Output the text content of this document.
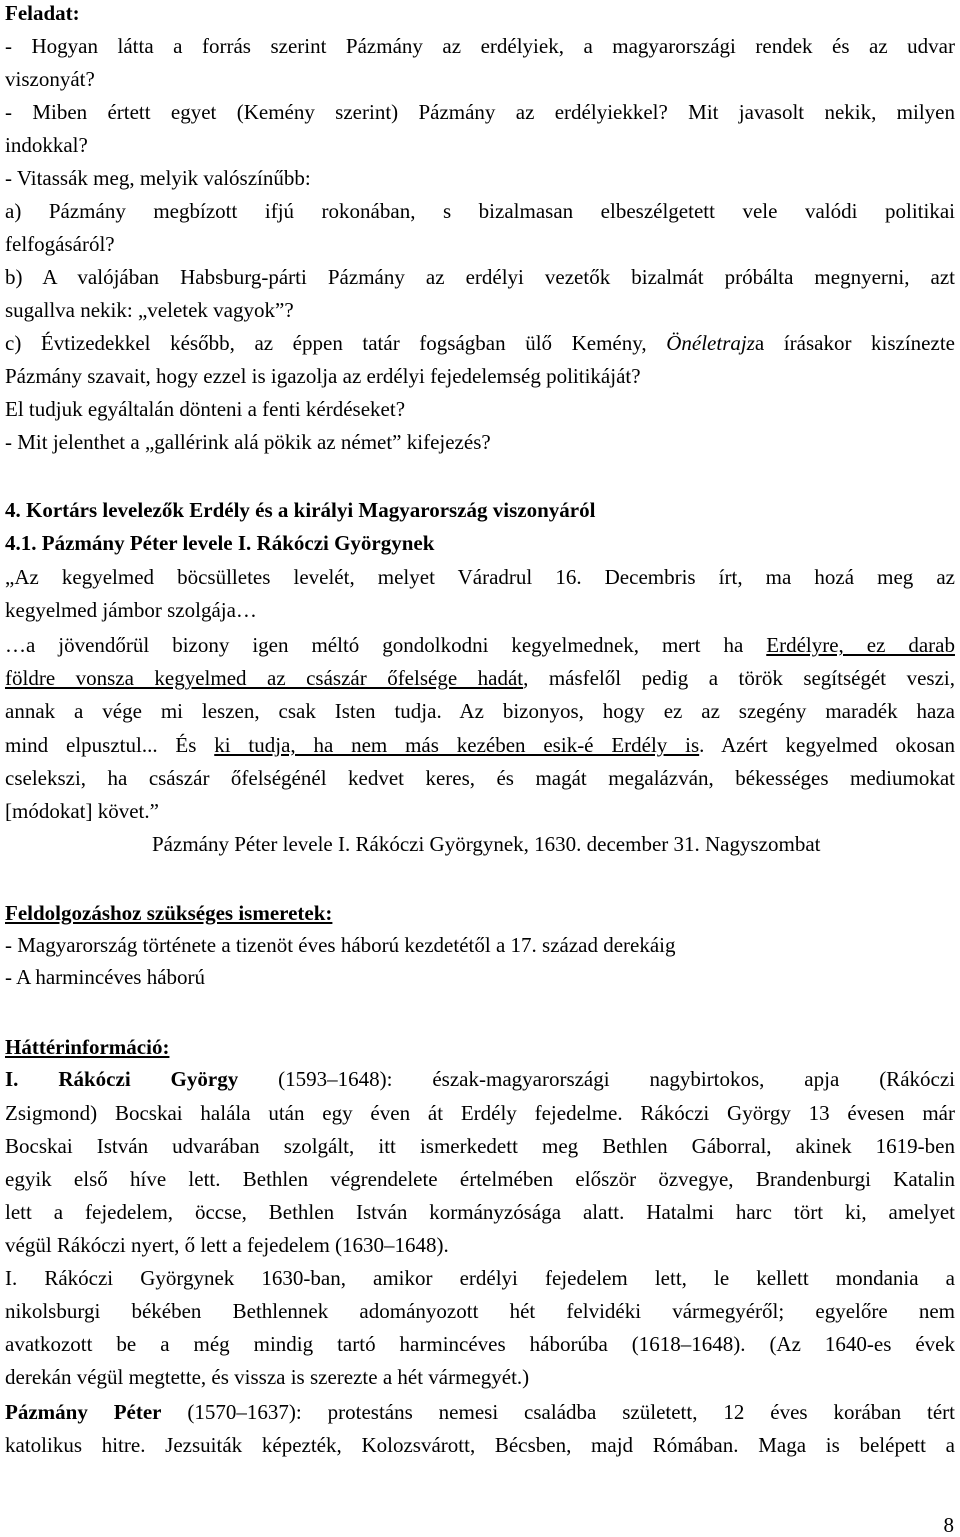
Feladat:
- Hogyan látta a forrás szerint Pázmány az erdélyiek, a magyarországi rendek és az udvar
viszonyát?
- Miben értett egyet (Kemény szerint) Pázmány az erdélyiekkel? Mit javasolt nekik, milyen
indokkal?
- Vitassák meg, melyik valószínűbb:
a) Pázmány megbízott ifjú rokonában, s bizalmasan elbeszélgetett vele valódi politikai
felfogásáról?
b) A valójában Habsburg-párti Pázmány az erdélyi vezetők bizalmát próbálta megnyerni, azt
sugallva nekik: „veletek vagyok”?
c) Évtizedekkel később, az éppen tatár fogságban ülő Kemény, Önéletrajza írásakor kiszínezte
Pázmány szavait, hogy ezzel is igazolja az erdélyi fejedelemség politikáját?
El tudjuk egyáltalán dönteni a fenti kérdéseket?
- Mit jelenthet a „gallérink alá pökik az német” kifejezés?
4. Kortárs levelezők Erdély és a királyi Magyarország viszonyáról
4.1. Pázmány Péter levele I. Rákóczi Györgynek
„Az kegyelmed böcsülletes levelét, melyet Váradrul 16. Decembris írt, ma hozá meg az
kegyelmed jámbor szolgája…
…a jövendőrül bizony igen méltó gondolkodni kegyelmednek, mert ha Erdélyre, ez darab
földre vonsza kegyelmed az császár őfelsége hadát, másfelől pedig a török segítségét veszi,
annak a vége mi leszen, csak Isten tudja. Az bizonyos, hogy ez az szegény maradék haza
mind elpusztul... És ki tudja, ha nem más kezében esik-é Erdély is. Azért kegyelmed okosan
cselekszi, ha császár őfelségénél kedvet keres, és magát megalázván, békességes mediumokat
[módokat] követ.”
Pázmány Péter levele I. Rákóczi Györgynek, 1630. december 31. Nagyszombat
Feldolgozáshoz szükséges ismeretek:
- Magyarország története a tizenöt éves háború kezdetétől a 17. század derekáig
- A harmincéves háború
Háttérinformáció:
I. Rákóczi György (1593–1648): észak-magyarországi nagybirtokos, apja (Rákóczi
Zsigmond) Bocskai halála után egy éven át Erdély fejedelme. Rákóczi György 13 évesen már
Bocskai István udvarában szolgált, itt ismerkedett meg Bethlen Gáborral, akinek 1619-ben
egyik első híve lett. Bethlen végrendelete értelmében először özvegye, Brandenburgi Katalin
lett a fejedelem, öccse, Bethlen István kormányzósága alatt. Hatalmi harc tört ki, amelyet
végül Rákóczi nyert, ő lett a fejedelem (1630–1648).
I. Rákóczi Györgynek 1630-ban, amikor erdélyi fejedelem lett, le kellett mondania a
nikolsburgi békében Bethlennek adományozott hét felvidéki vármegyéről; egyelőre nem
avatkozott be a még mindig tartó harmincéves háborúba (1618–1648). (Az 1640-es évek
derekán végül megtette, és vissza is szerezte a hét vármegyét.)
Pázmány Péter (1570–1637): protestáns nemesi családba született, 12 éves korában tért
katolikus hitre. Jezsuiták képezték, Kolozsvárott, Bécsben, majd Rómában. Maga is belépett a
8
